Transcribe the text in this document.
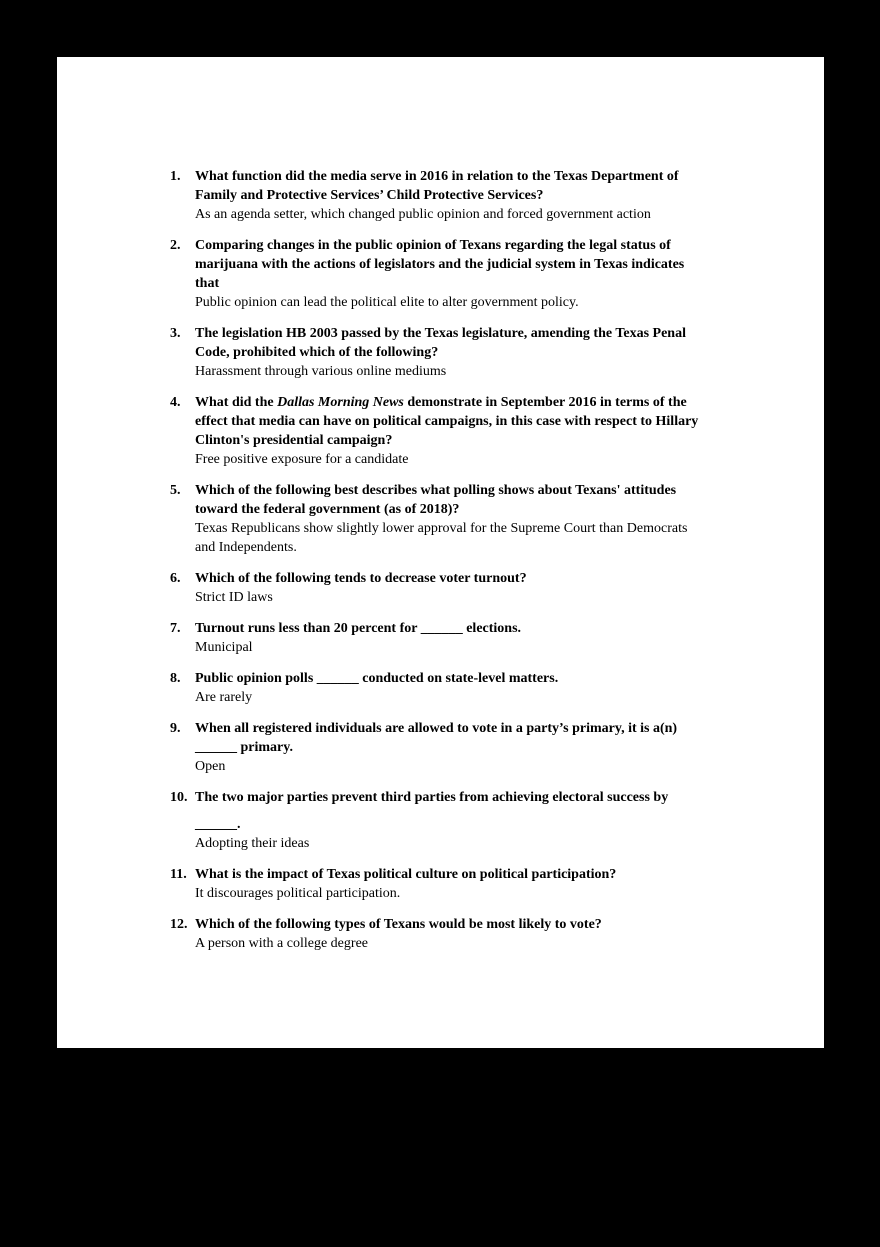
1.	What function did the media serve in 2016 in relation to the Texas Department of
Family and Protective Services’ Child Protective Services?
As an agenda setter, which changed public opinion and forced government action
2.	Comparing changes in the public opinion of Texans regarding the legal status of
marijuana with the actions of legislators and the judicial system in Texas indicates
that
Public opinion can lead the political elite to alter government policy.
3.	The legislation HB 2003 passed by the Texas legislature, amending the Texas Penal
Code, prohibited which of the following?
Harassment through various online mediums
4.	What did the Dallas Morning News demonstrate in September 2016 in terms of the
effect that media can have on political campaigns, in this case with respect to Hillary
Clinton's presidential campaign?
Free positive exposure for a candidate
5.	Which of the following best describes what polling shows about Texans' attitudes
toward the federal government (as of 2018)?
Texas Republicans show slightly lower approval for the Supreme Court than Democrats
and Independents.
6.	Which of the following tends to decrease voter turnout?
Strict ID laws
7.	Turnout runs less than 20 percent for ______ elections.
Municipal
8.	Public opinion polls ______ conducted on state-level matters.
Are rarely
9.	When all registered individuals are allowed to vote in a party’s primary, it is a(n)
______ primary.
Open
10. The two major parties prevent third parties from achieving electoral success by
______.
Adopting their ideas
11. What is the impact of Texas political culture on political participation?
It discourages political participation.
12. Which of the following types of Texans would be most likely to vote?
A person with a college degree
